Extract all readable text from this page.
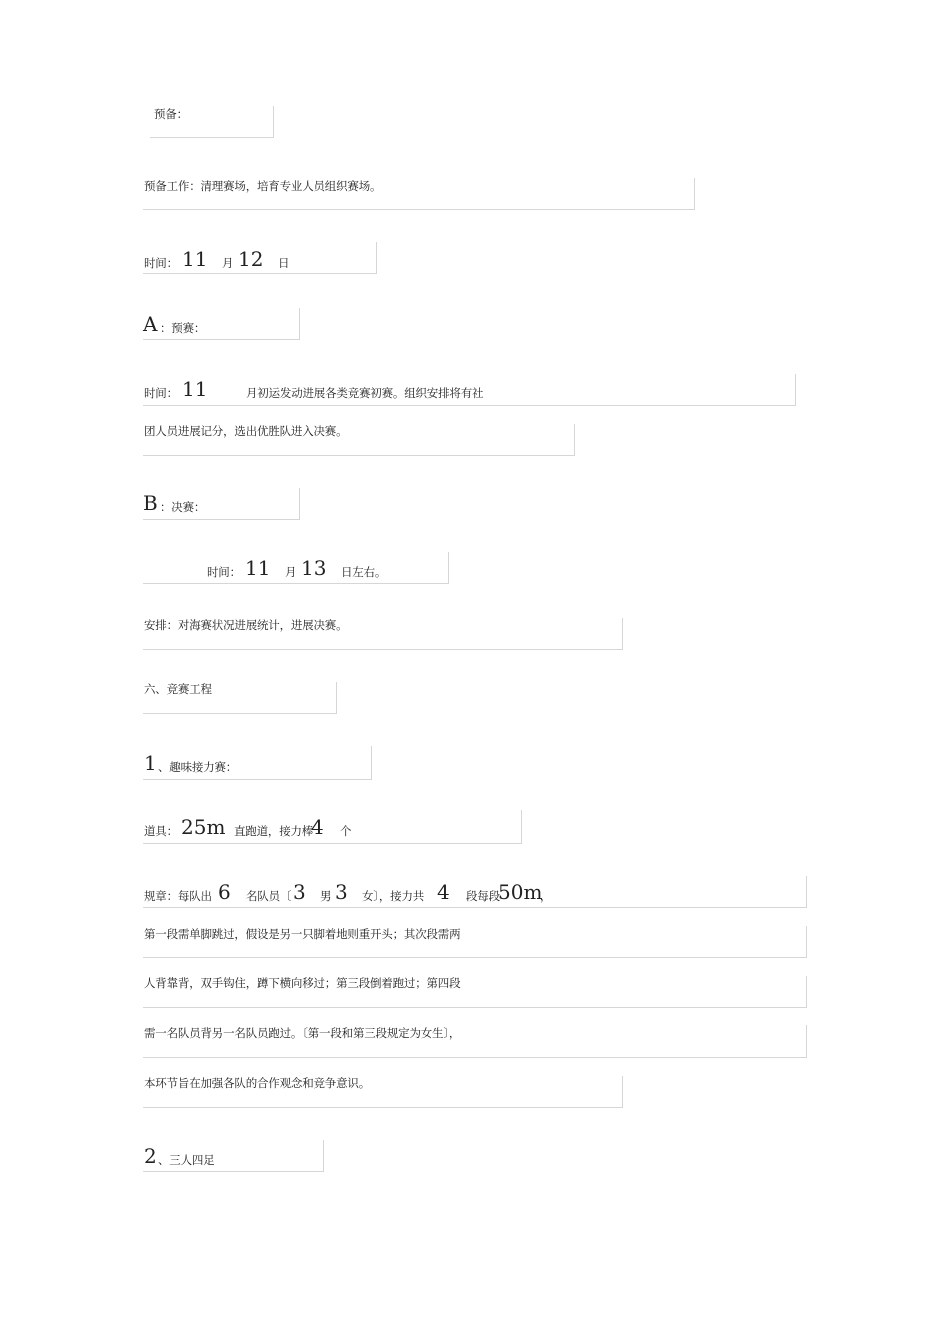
预备：
预备工作：清理赛场，培育专业人员组织赛场。
时间： 11 月 12 日
A ：预赛：
时间： 11	月初运发动进展各类竞赛初赛。组织安排将有社
团人员进展记分，选出优胜队进入决赛。
B ：决赛：
时间： 11 月 13 日左右。
安排：对海赛状况进展统计，进展决赛。
六、竞赛工程
1 、趣味接力赛：
道具： 25m 直跑道，接力棒
4 个
规章：每队出 6 名队员〔 3 男 3 女〕，接力共 4 段每段
50m
，
第一段需单脚跳过，假设是另一只脚着地则重开头；其次段需两
人背靠背，双手钩住，蹲下横向移过；第三段倒着跑过；第四段
需一名队员背另一名队员跑过。〔第一段和第三段规定为女生〕，
本环节旨在加强各队的合作观念和竞争意识。
2 、三人四足
